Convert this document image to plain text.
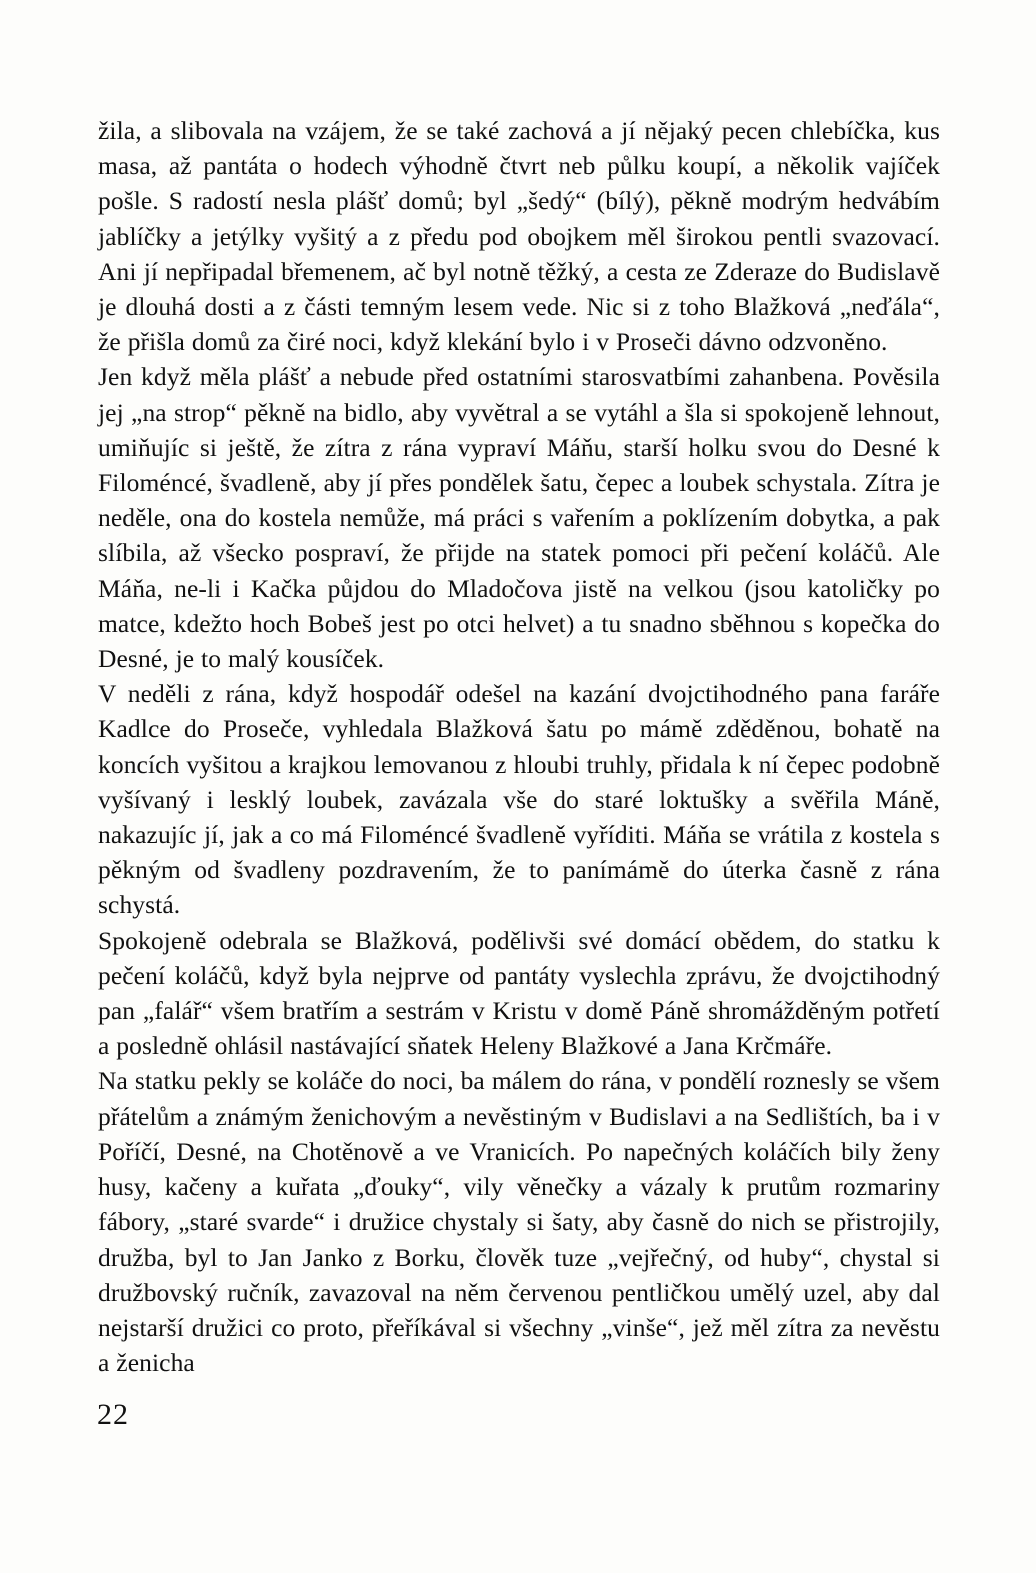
žila, a slibovala na vzájem, že se také zachová a jí nějaký pecen chlebíčka, kus masa, až pantáta o hodech výhodně čtvrt neb půlku koupí, a několik vajíček pošle. S radostí nesla plášť domů; byl „šedý“ (bílý), pěkně modrým hedvábím jablíčky a jetýlky vyšitý a z předu pod obojkem měl širokou pentli svazovací. Ani jí nepřipadal břemenem, ač byl notně těžký, a cesta ze Zderaze do Budislavě je dlouhá dosti a z části temným lesem vede. Nic si z toho Blažková „neďála“, že přišla domů za čiré noci, když klekání bylo i v Proseči dávno odzvoněno.

Jen když měla plášť a nebude před ostatními starosvatbími zahanbena. Pověsila jej „na strop“ pěkně na bidlo, aby vyvětral a se vytáhl a šla si spokojeně lehnout, umiňujíc si ještě, že zítra z rána vypraví Máňu, starší holku svou do Desné k Filoméncé, švadleně, aby jí přes pondělek šatu, čepec a loubek schystala. Zítra je neděle, ona do kostela nemůže, má práci s vařením a poklízením dobytka, a pak slíbila, až všecko pospraví, že přijde na statek pomoci při pečení koláčů. Ale Máňa, ne-li i Kačka půjdou do Mladočova jistě na velkou (jsou katoličky po matce, kdežto hoch Bobeš jest po otci helvet) a tu snadno sběhnou s kopečka do Desné, je to malý kousíček.

V neděli z rána, když hospodář odešel na kazání dvojctihodného pana faráře Kadlce do Proseče, vyhledala Blažková šatu po mámě zděděnou, bohatě na koncích vyšitou a krajkou lemovanou z hloubi truhly, přidala k ní čepec podobně vyšívaný i lesklý loubek, zavázala vše do staré loktušky a svěřila Máně, nakazujíc jí, jak a co má Filoméncé švadleně vyříditi. Máňa se vrátila z kostela s pěkným od švadleny pozdravením, že to panímámě do úterka časně z rána schystá.

Spokojeně odebrala se Blažková, podělivši své domácí obědem, do statku k pečení koláčů, když byla nejprve od pantáty vyslechla zprávu, že dvojctihodný pan „falář“ všem bratřím a sestrám v Kristu v domě Páně shromážděným potřetí a posledně ohlásil nastávající sňatek Heleny Blažkové a Jana Krčmáře.

Na statku pekly se koláče do noci, ba málem do rána, v pondělí roznesly se všem přátelům a známým ženichovým a nevěstiným v Budislavi a na Sedlištích, ba i v Poříčí, Desné, na Chotěnově a ve Vranicích. Po napečných koláčích bily ženy husy, kačeny a kuřata „ďouky“, vily věnečky a vázaly k prutům rozmariny fábory, „staré svarde“ i družice chystaly si šaty, aby časně do nich se přistrojily, družba, byl to Jan Janko z Borku, člověk tuze „vejřečný, od huby“, chystal si družbovský ručník, zavazoval na něm červenou pentličkou umělý uzel, aby dal nejstarší družici co proto, přeříkával si všechny „vinše“, jež měl zítra za nevěstu a ženicha

22
